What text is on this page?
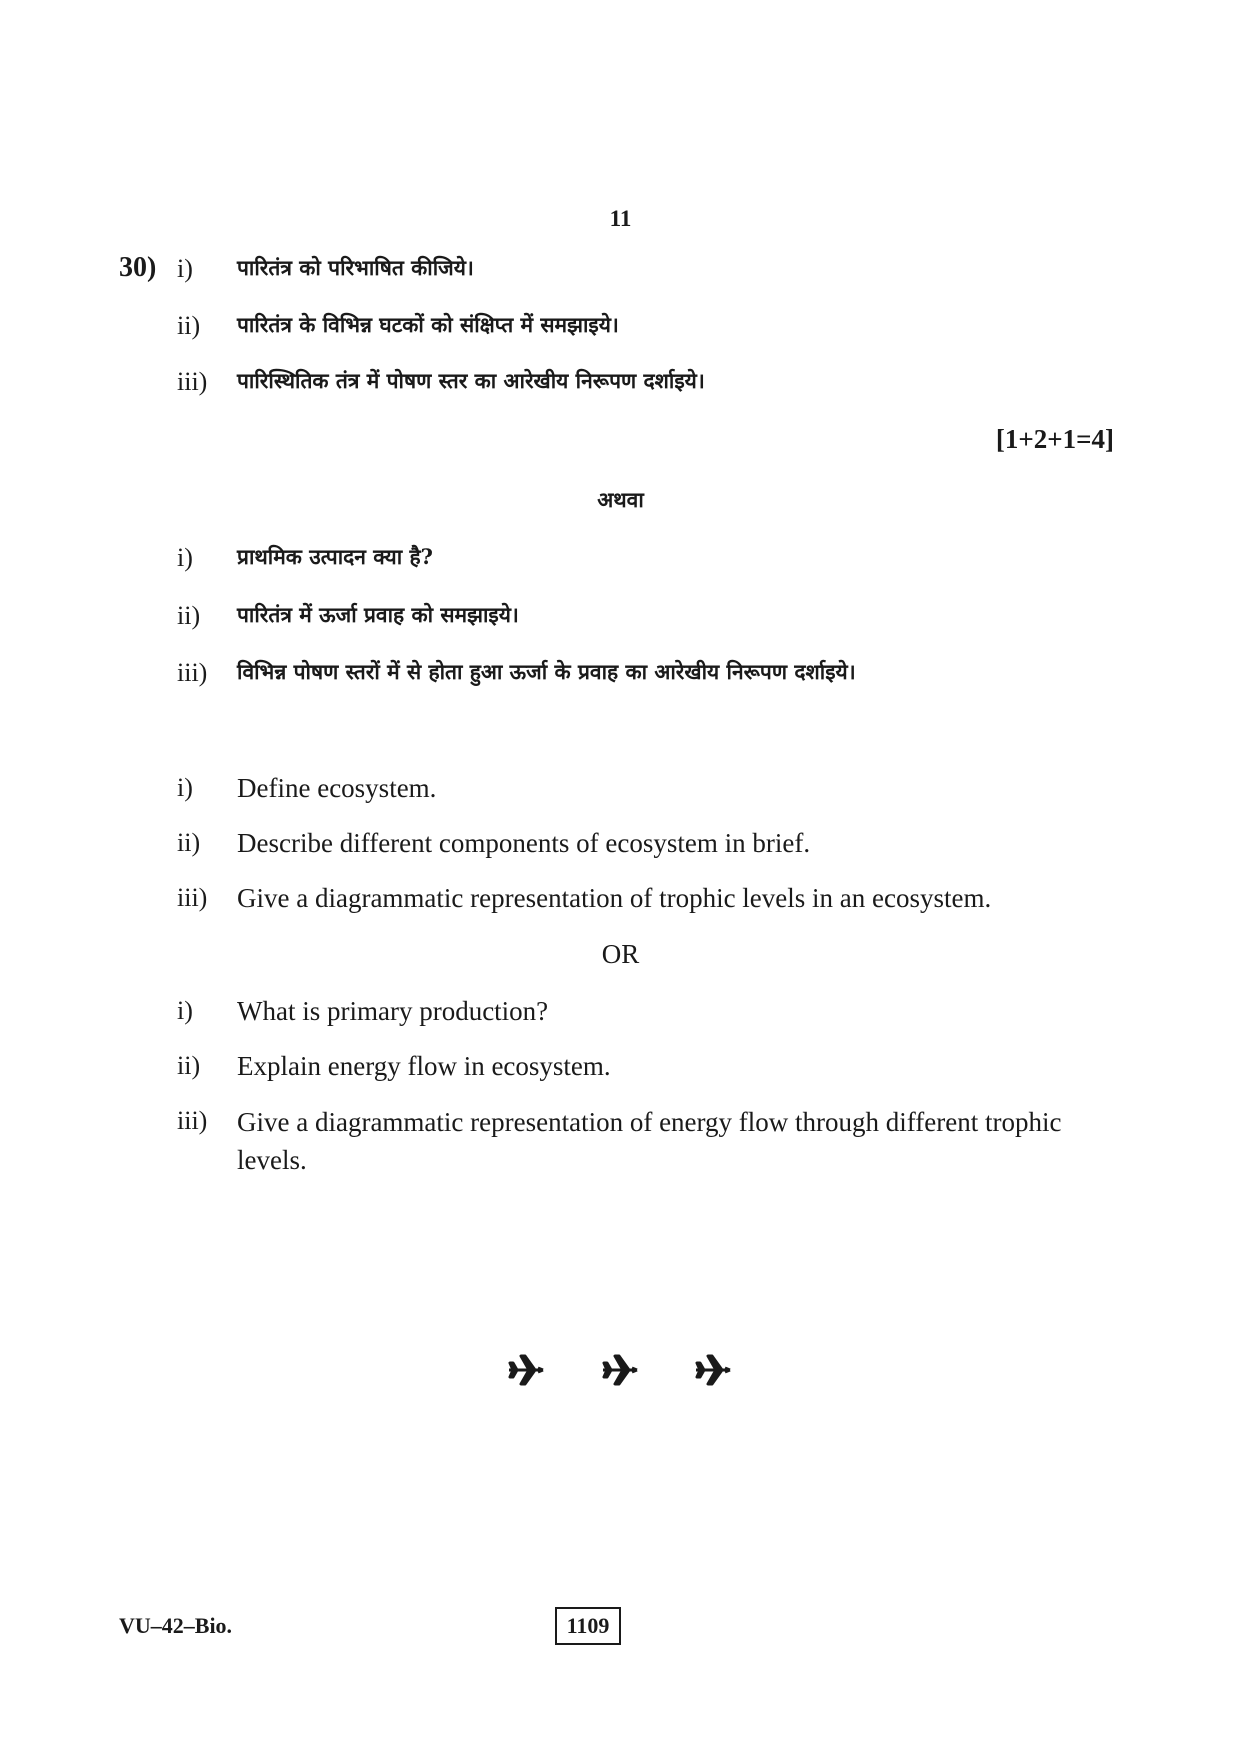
11
30) i) पारितंत्र को परिभाषित कीजिये।
ii) पारितंत्र के विभिन्न घटकों को संक्षिप्त में समझाइये।
iii) पारिस्थितिक तंत्र में पोषण स्तर का आरेखीय निरूपण दर्शाइये।
[1+2+1=4]
अथवा
i) प्राथमिक उत्पादन क्या है?
ii) पारितंत्र में ऊर्जा प्रवाह को समझाइये।
iii) विभिन्न पोषण स्तरों में से होता हुआ ऊर्जा के प्रवाह का आरेखीय निरूपण दर्शाइये।
i) Define ecosystem.
ii) Describe different components of ecosystem in brief.
iii) Give a diagrammatic representation of trophic levels in an ecosystem.
OR
i) What is primary production?
ii) Explain energy flow in ecosystem.
iii) Give a diagrammatic representation of energy flow through different trophic levels.

VU–42–Bio.	1109
